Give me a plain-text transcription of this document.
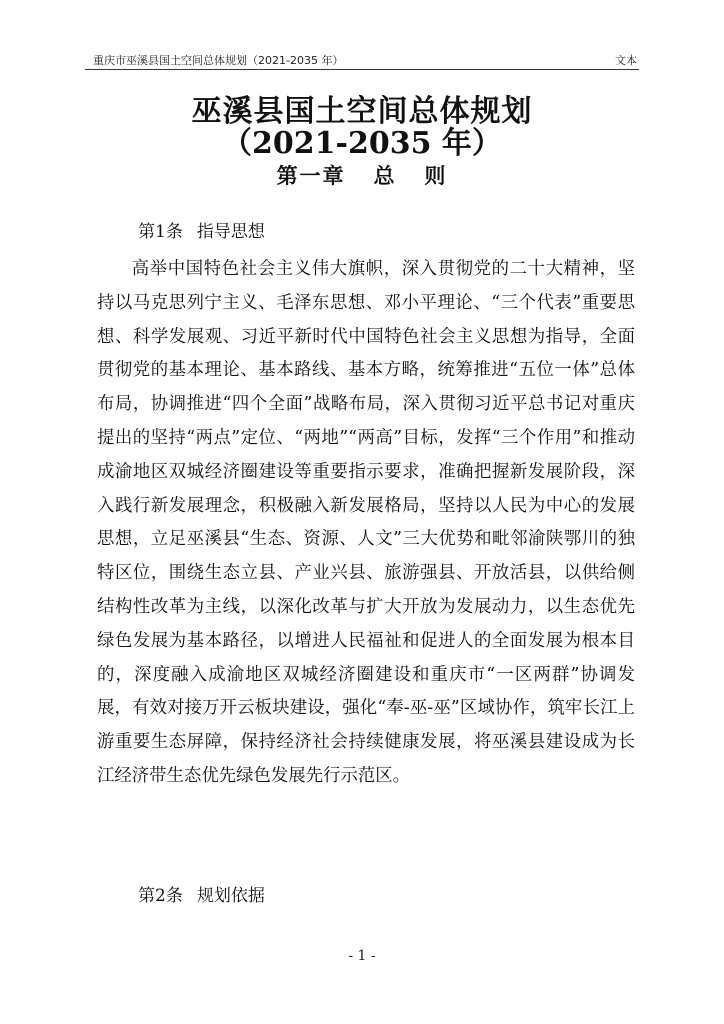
重庆市巫溪县国土空间总体规划（2021-2035 年）	文本
巫溪县国土空间总体规划
（2021-2035 年）
第一章   总   则
第1条 指导思想

高举中国特色社会主义伟大旗帜，深入贯彻党的二十大精神，坚持以马克思列宁主义、毛泽东思想、邓小平理论、“三个代表”重要思想、科学发展观、习近平新时代中国特色社会主义思想为指导，全面贯彻党的基本理论、基本路线、基本方略，统筹推进“五位一体”总体布局，协调推进“四个全面”战略布局，深入贯彻习近平总书记对重庆提出的坚持“两点”定位、“两地”“两高”目标，发挥“三个作用”和推动成渝地区双城经济圈建设等重要指示要求，准确把握新发展阶段，深入践行新发展理念，积极融入新发展格局，坚持以人民为中心的发展思想，立足巫溪县“生态、资源、人文”三大优势和毗邻渝陕鄂川的独特区位，围绕生态立县、产业兴县、旅游强县、开放活县，以供给侧结构性改革为主线，以深化改革与扩大开放为发展动力，以生态优先绿色发展为基本路径，以增进人民福祉和促进人的全面发展为根本目的，深度融入成渝地区双城经济圈建设和重庆市“一区两群”协调发展，有效对接万开云板块建设，强化“奉-巫-巫”区域协作，筑牢长江上游重要生态屏障，保持经济社会持续健康发展，将巫溪县建设成为长江经济带生态优先绿色发展先行示范区。

第2条 规划依据
- 1 -
